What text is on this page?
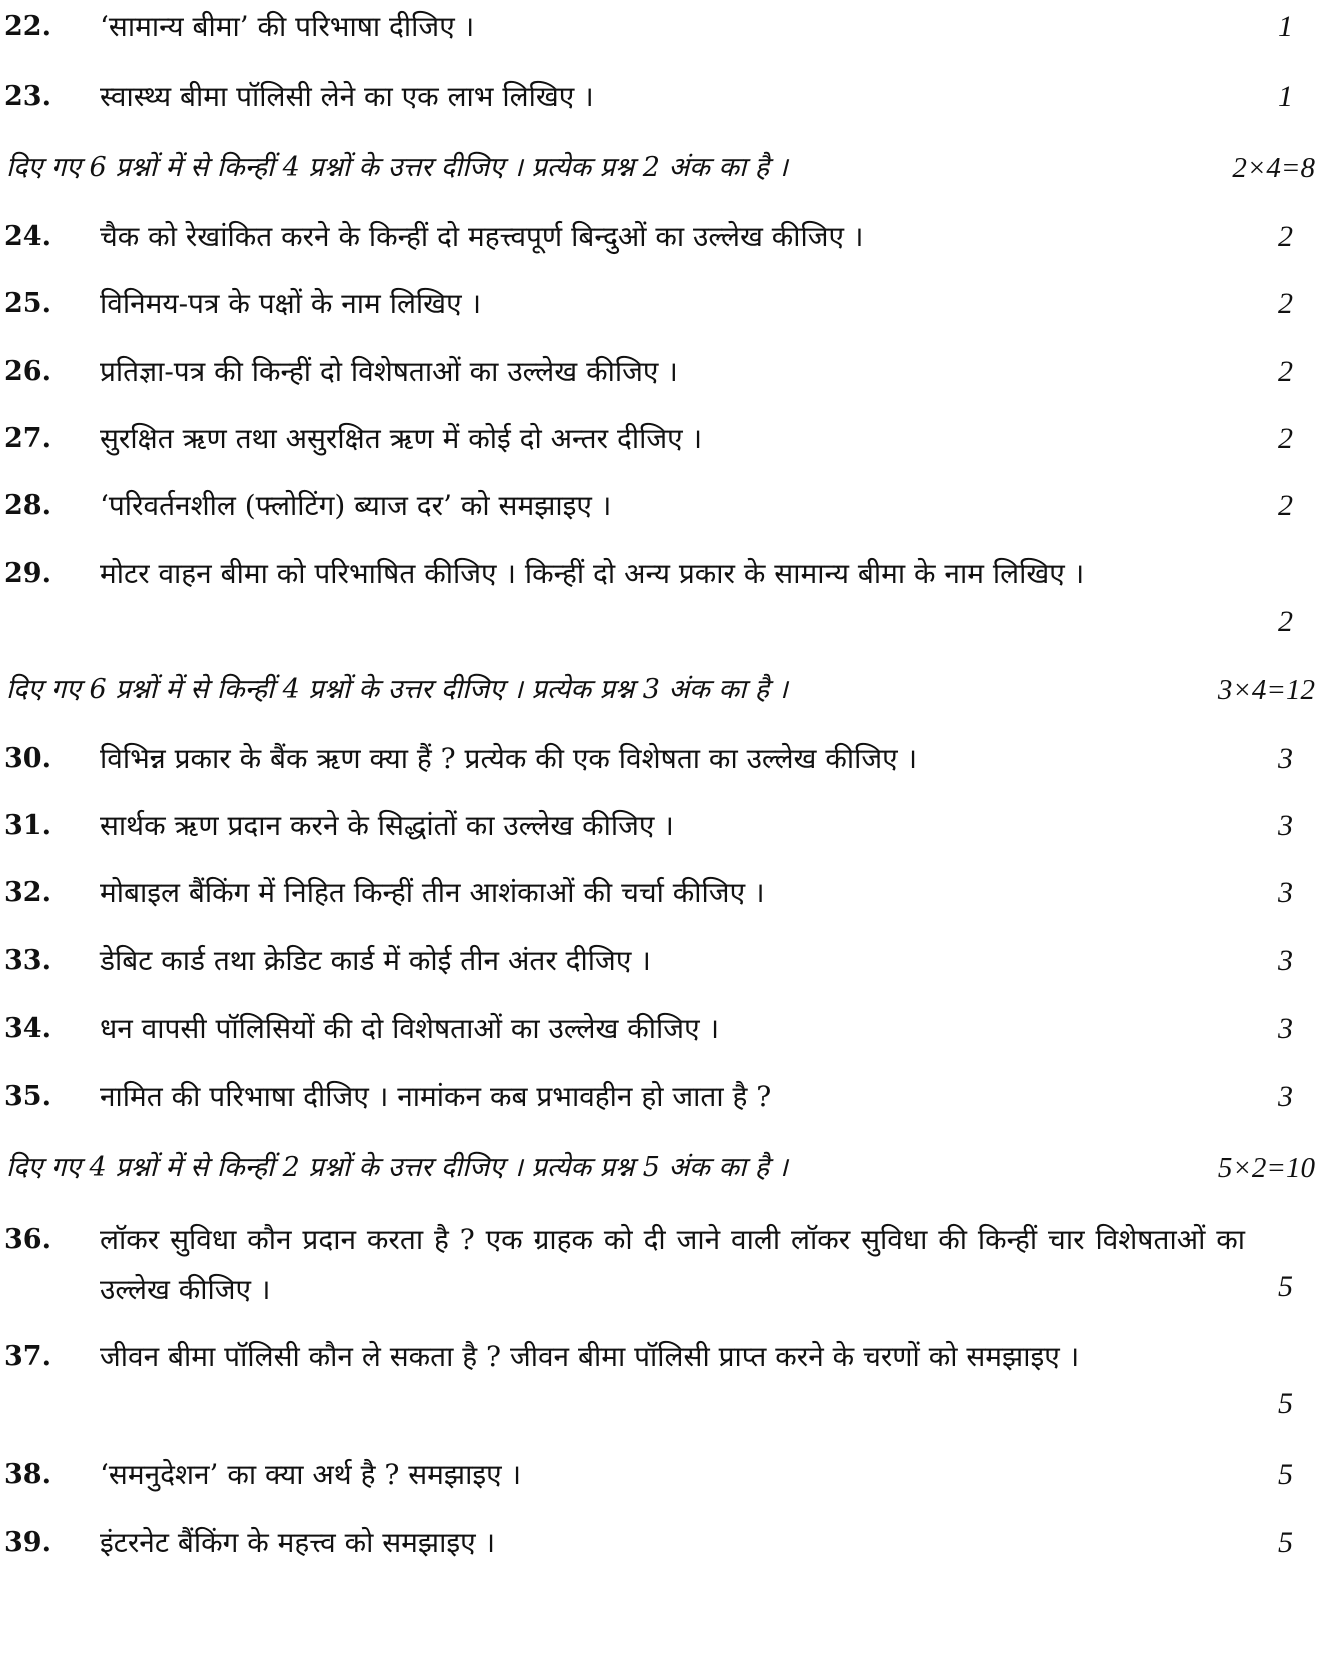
22. ‘सामान्य बीमा’ की परिभाषा दीजिए ।	1
23. स्वास्थ्य बीमा पॉलिसी लेने का एक लाभ लिखिए ।	1
दिए गए 6 प्रश्नों में से किन्हीं 4 प्रश्नों के उत्तर दीजिए । प्रत्येक प्रश्न 2 अंक का है ।	2×4=8
24. चैक को रेखांकित करने के किन्हीं दो महत्त्वपूर्ण बिन्दुओं का उल्लेख कीजिए ।	2
25. विनिमय-पत्र के पक्षों के नाम लिखिए ।	2
26. प्रतिज्ञा-पत्र की किन्हीं दो विशेषताओं का उल्लेख कीजिए ।	2
27. सुरक्षित ऋण तथा असुरक्षित ऋण में कोई दो अन्तर दीजिए ।	2
28. ‘परिवर्तनशील (फ्लोटिंग) ब्याज दर’ को समझाइए ।	2
29. मोटर वाहन बीमा को परिभाषित कीजिए । किन्हीं दो अन्य प्रकार के सामान्य बीमा के नाम लिखिए ।
2
दिए गए 6 प्रश्नों में से किन्हीं 4 प्रश्नों के उत्तर दीजिए । प्रत्येक प्रश्न 3 अंक का है ।	3×4=12
30. विभिन्न प्रकार के बैंक ऋण क्या हैं ? प्रत्येक की एक विशेषता का उल्लेख कीजिए ।	3
31. सार्थक ऋण प्रदान करने के सिद्धांतों का उल्लेख कीजिए ।	3
32. मोबाइल बैंकिंग में निहित किन्हीं तीन आशंकाओं की चर्चा कीजिए ।	3
33. डेबिट कार्ड तथा क्रेडिट कार्ड में कोई तीन अंतर दीजिए ।	3
34. धन वापसी पॉलिसियों की दो विशेषताओं का उल्लेख कीजिए ।	3
35. नामित की परिभाषा दीजिए । नामांकन कब प्रभावहीन हो जाता है ?	3
दिए गए 4 प्रश्नों में से किन्हीं 2 प्रश्नों के उत्तर दीजिए । प्रत्येक प्रश्न 5 अंक का है ।	5×2=10
36. लॉकर सुविधा कौन प्रदान करता है ? एक ग्राहक को दी जाने वाली लॉकर सुविधा की किन्हीं चार विशेषताओं का उल्लेख कीजिए ।	5
37. जीवन बीमा पॉलिसी कौन ले सकता है ? जीवन बीमा पॉलिसी प्राप्त करने के चरणों को समझाइए ।
5
38. ‘समनुदेशन’ का क्या अर्थ है ? समझाइए ।	5
39. इंटरनेट बैंकिंग के महत्त्व को समझाइए ।	5
